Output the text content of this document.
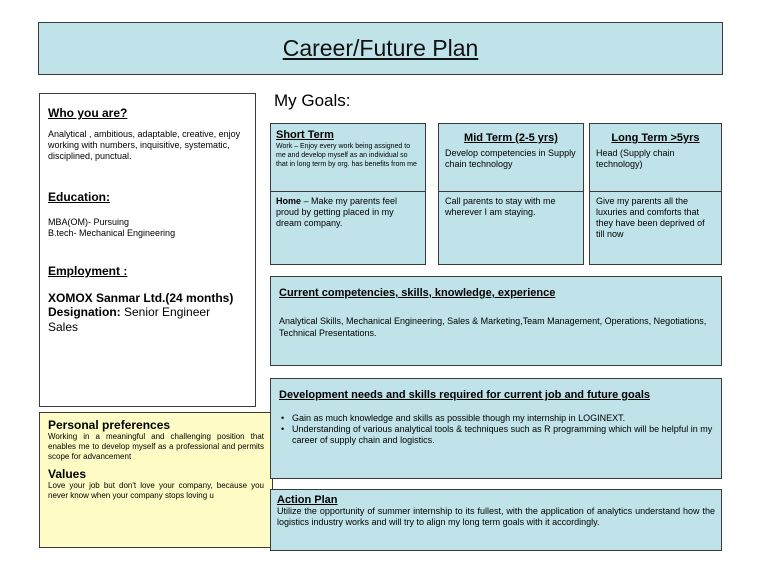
Career/Future Plan
Who you are?
Analytical , ambitious, adaptable, creative, enjoy working with numbers, inquisitive, systematic, disciplined, punctual.
Education:
MBA(OM)- Pursuing
B.tech- Mechanical Engineering
Employment :
XOMOX Sanmar Ltd.(24 months)
Designation: Senior Engineer
Sales
Personal preferences
Working in a meaningful and challenging position that enables me to develop myself as a professional and permits scope for advancement
Values
Love your job but don't love your company, because you never know when your company stops loving u
My Goals:
Short Term
Work – Enjoy every work being assigned to me and develop myself as an individual so that in long term by org. has benefits from me
Home – Make my parents feel proud by getting placed in my dream company.
Mid Term (2-5 yrs)
Develop competencies in Supply chain technology
Call parents to stay with me wherever I am staying.
Long Term >5yrs
Head (Supply chain technology)
Give my parents all the luxuries and comforts that they have been deprived of till now
Current competencies, skills, knowledge, experience
Analytical Skills, Mechanical Engineering, Sales & Marketing,Team Management, Operations, Negotiations, Technical Presentations.
Development needs and skills required for current job and future goals
• Gain as much knowledge and skills as possible though my internship in LOGINEXT.
• Understanding of various analytical tools & techniques such as R programming which will be helpful in my career of supply chain and logistics.
Action Plan
Utilize the opportunity of summer internship to its fullest, with the application of analytics understand how the logistics industry works and will try to align my long term goals with it accordingly.
